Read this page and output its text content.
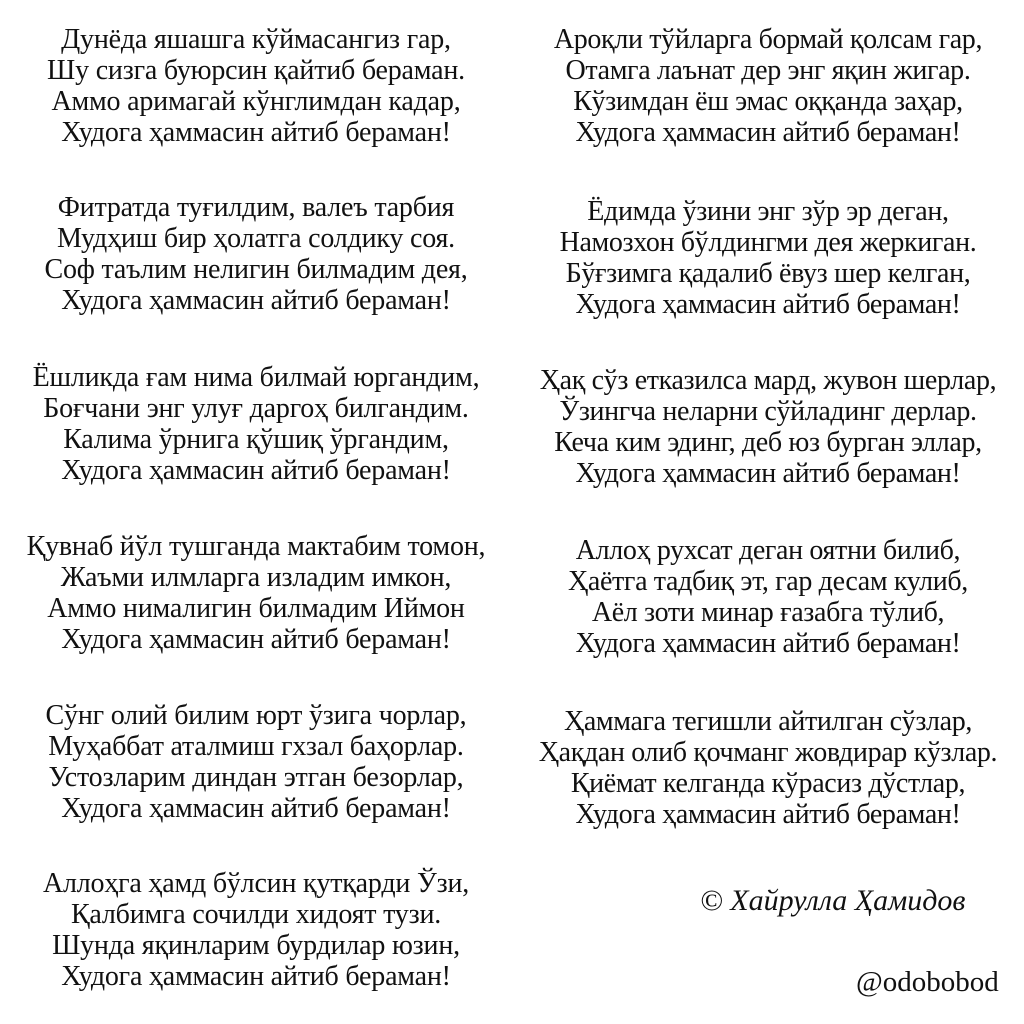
Дунёда яшашга кўймасангиз гар,
Шу сизга буюрсин қайтиб бераман.
Аммо аримагай кўнглимдан кадар,
Худога ҳаммасин айтиб бераман!
Фитратда туғилдим, валеъ тарбия
Мудҳиш бир ҳолатга солдику соя.
Соф таълим нелигин билмадим дея,
Худога ҳаммасин айтиб бераман!
Ёшликда ғам нима билмай юргандим,
Боғчани энг улуғ даргоҳ билгандим.
Калима ўрнига қўшиқ ўргандим,
Худога ҳаммасин айтиб бераман!
Қувнаб йўл тушганда мактабим томон,
Жаъми илмларга изладим имкон,
Аммо нималигин билмадим Иймон
Худога ҳаммасин айтиб бераман!
Сўнг олий билим юрт ўзига чорлар,
Муҳаббат аталмиш гхзал баҳорлар.
Устозларим диндан этган безорлар,
Худога ҳаммасин айтиб бераман!
Аллоҳга ҳамд бўлсин қутқарди Ўзи,
Қалбимга сочилди хидоят тузи.
Шунда яқинларим бурдилар юзин,
Худога ҳаммасин айтиб бераман!
Ароқли тўйларга бормай қолсам гар,
Отамга лаънат дер энг яқин жигар.
Кўзимдан ёш эмас оққанда заҳар,
Худога ҳаммасин айтиб бераман!
Ёдимда ўзини энг зўр эр деган,
Намозхон бўлдингми дея жеркиган.
Бўғзимга қадалиб ёвуз шер келган,
Худога ҳаммасин айтиб бераман!
Ҳақ сўз етказилса мард, жувон шерлар,
Ўзингча неларни сўйладинг дерлар.
Кеча ким эдинг, деб юз бурган эллар,
Худога ҳаммасин айтиб бераман!
Аллоҳ рухсат деган оятни билиб,
Ҳаётга тадбиқ эт, гар десам кулиб,
Аёл зоти минар ғазабга тўлиб,
Худога ҳаммасин айтиб бераман!
Ҳаммага тегишли айтилган сўзлар,
Ҳақдан олиб қочманг жовдирар кўзлар.
Қиёмат келганда кўрасиз дўстлар,
Худога ҳаммасин айтиб бераман!
© Хайрулла Ҳамидов
@odobobod
